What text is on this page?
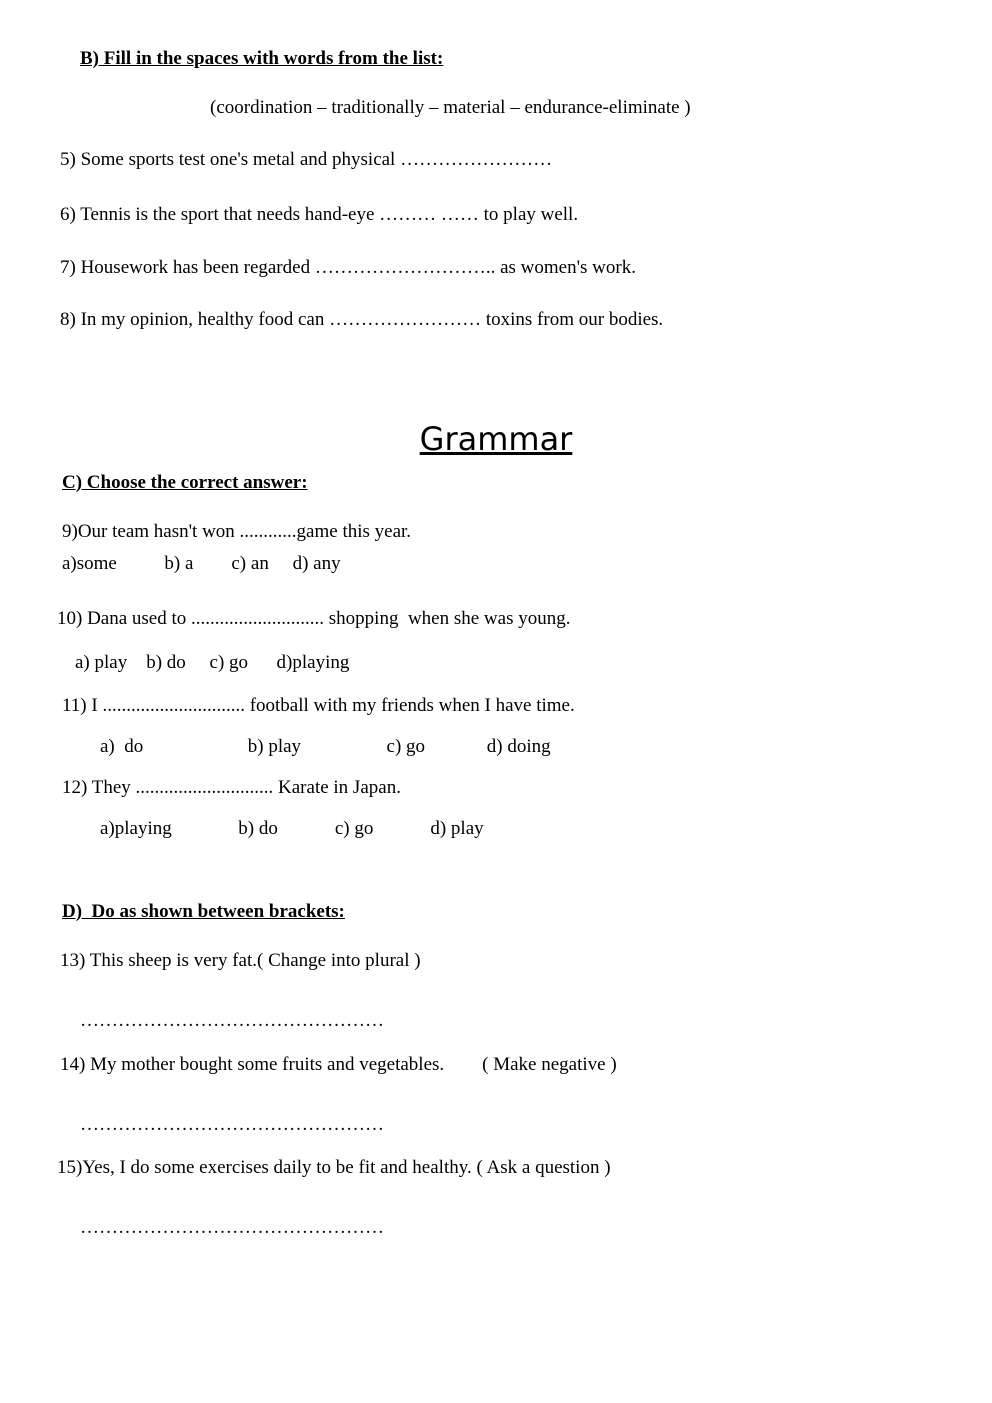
B) Fill in the spaces with words from the list:
(coordination – traditionally – material – endurance-eliminate )
5) Some sports test one's metal and physical ……………………
6) Tennis is the sport that needs hand-eye ……… …… to play well.
7) Housework has been regarded ……………………….. as women's work.
8) In my opinion, healthy food can …………………… toxins from our bodies.
Grammar
C) Choose the correct answer:
9)Our team hasn't won ............game this year.
a)some          b) a        c) an     d) any
10) Dana used to ............................ shopping  when she was young.
a) play    b) do     c) go      d)playing
11) I .............................. football with my friends when I have time.
a)  do                      b) play                  c) go             d) doing
12) They ............................. Karate in Japan.
a)playing              b) do            c) go            d) play
D)  Do as shown between brackets:
13) This sheep is very fat.( Change into plural )
…………………………………………
14) My mother bought some fruits and vegetables.        ( Make negative )
…………………………………………
15)Yes, I do some exercises daily to be fit and healthy. ( Ask a question )
…………………………………………
